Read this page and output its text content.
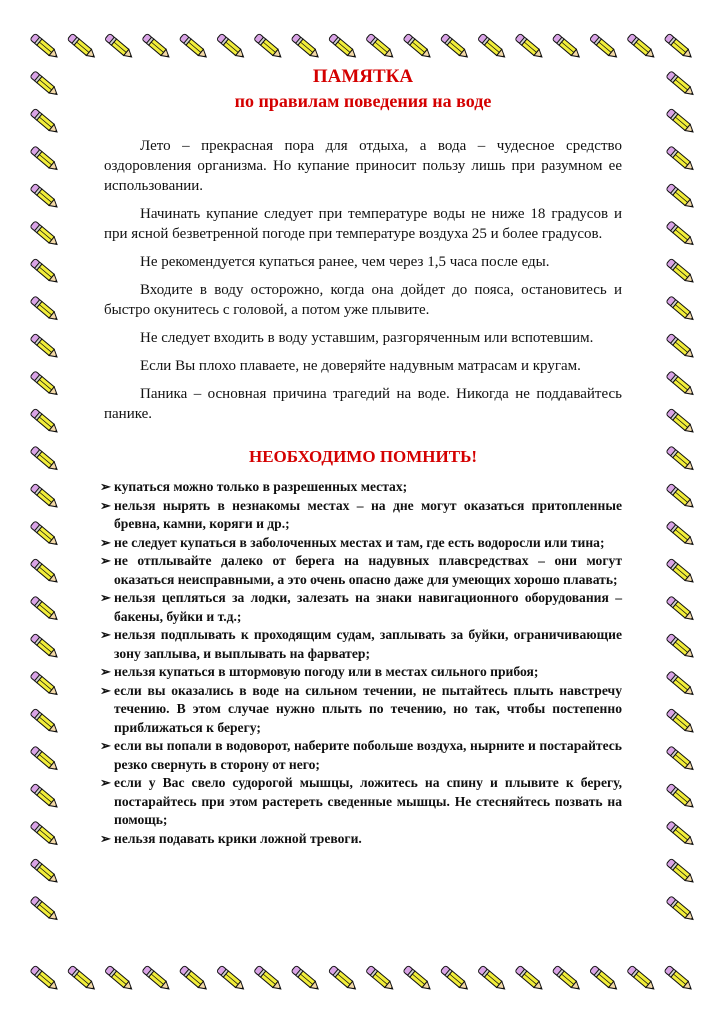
ПАМЯТКА
по правилам поведения на воде

Лето – прекрасная пора для отдыха, а вода – чудесное средство оздоровления организма. Но купание приносит пользу лишь при разумном ее использовании.

Начинать купание следует при температуре воды не ниже 18 градусов и при ясной безветренной погоде при температуре воздуха 25 и более градусов.

Не рекомендуется купаться ранее, чем через 1,5 часа после еды.

Входите в воду осторожно, когда она дойдет до пояса, остановитесь и быстро окунитесь с головой, а потом уже плывите.

Не следует входить в воду уставшим, разгоряченным или вспотевшим.

Если Вы плохо плаваете, не доверяйте надувным матрасам и кругам.

Паника – основная причина трагедий на воде. Никогда не поддавайтесь панике.

НЕОБХОДИМО ПОМНИТЬ!
➢ купаться можно только в разрешенных местах;
➢ нельзя нырять в незнакомы местах – на дне могут оказаться притопленные бревна, камни, коряги и др.;
➢ не следует купаться в заболоченных местах и там, где есть водоросли или тина;
➢ не отплывайте далеко от берега на надувных плавсредствах – они могут оказаться неисправными, а это очень опасно даже для умеющих хорошо плавать;
➢ нельзя цепляться за лодки, залезать на знаки навигационного оборудования – бакены, буйки и т.д.;
➢ нельзя подплывать к проходящим судам, заплывать за буйки, ограничивающие зону заплыва, и выплывать на фарватер;
➢ нельзя купаться в штормовую погоду или в местах сильного прибоя;
➢ если вы оказались в воде на сильном течении, не пытайтесь плыть навстречу течению. В этом случае нужно плыть по течению, но так, чтобы постепенно приближаться к берегу;
➢ если вы попали в водоворот, наберите побольше воздуха, нырните и постарайтесь резко свернуть в сторону от него;
➢ если у Вас свело судорогой мышцы, ложитесь на спину и плывите к берегу, постарайтесь при этом растереть сведенные мышцы. Не стесняйтесь позвать на помощь;
➢ нельзя подавать крики ложной тревоги.
